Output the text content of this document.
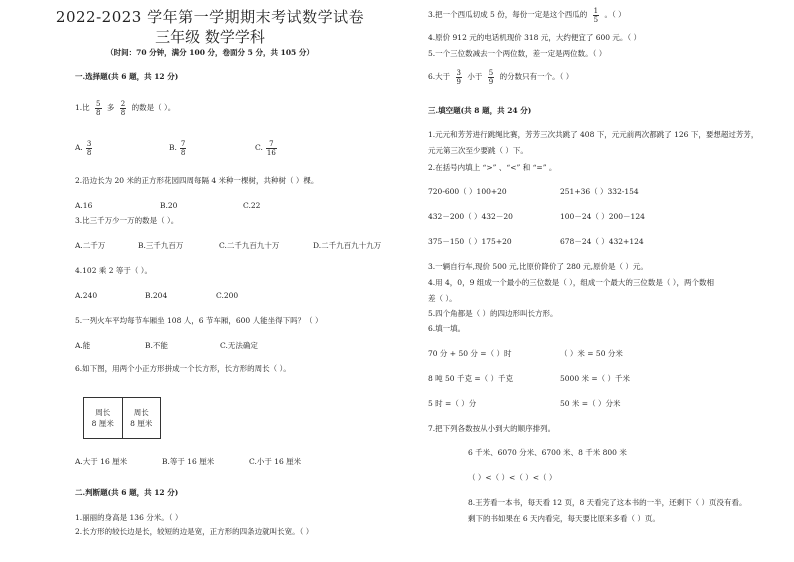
2022-2023 学年第一学期期末考试数学试卷
三年级 数学学科
（时间：70 分钟，满分 100 分，卷面分 5 分，共 105 分）
一.选择题(共 6 题，共 12 分)
1.比 $\frac{5}{8}$ 多 $\frac{2}{8}$ 的数是（ ）。
A. $\frac{3}{8}$	B. $\frac{7}{8}$	C. $\frac{7}{16}$
2.沿边长为 20 米的正方形花园四周每隔 4 米种一棵树，共种树（ ）棵。
A.16	B.20	C.22
3.比三千万少一万的数是（ ）。
A.二千万	B.三千九百万	C.二千九百九十万	D.二千九百九十九万
4.102 乘 2 等于（ ）。
A.240	B.204	C.200
5.一列火车平均每节车厢坐 108 人，6 节车厢，600 人能坐得下吗？（ ）
A.能	B.不能	C.无法确定
6.如下图，用两个小正方形拼成一个长方形，长方形的周长（ ）。
周长
8 厘米
周长
8 厘米
A.大于 16 厘米	B.等于 16 厘米	C.小于 16 厘米
二.判断题(共 6 题，共 12 分)
1.丽丽的身高是 136 分米。（ ）
2.长方形的较长边是长，较短的边是宽，正方形的四条边就叫长宽。（ ）
3.把一个西瓜切成 5 份，每份一定是这个西瓜的 $\frac{1}{5}$ 。（ ）
4.原价 912 元的电话机现价 318 元，大约便宜了 600 元。（ ）
5.一个三位数减去一个两位数，差一定是两位数。（ ）
6.大于 $\frac{3}{9}$ 小于 $\frac{5}{9}$ 的分数只有一个。（ ）
三.填空题(共 8 题，共 24 分)
1.元元和芳芳进行跳绳比赛，芳芳三次共跳了 408 下，元元前两次都跳了 126 下，要想超过芳芳，
元元第三次至少要跳（ ）下。
2.在括号内填上 “>” 、“<” 和 “=” 。
720-600（ ）100+20	251+36（ ）332-154
432－200（ ）432－20	100－24（ ）200－124
375－150（ ）175+20	678－24（ ）432+124
3.一辆自行车,现价 500 元,比原价降价了 280 元,原价是（ ）元。
4.用 4，0，9 组成一个最小的三位数是（ ），组成一个最大的三位数是（ ），两个数相
差（ ）。
5.四个角都是（ ）的四边形叫长方形。
6.填一填。
70 分 + 50 分 =（ ）时	（ ）米 = 50 分米
8 吨 50 千克 =（ ）千克	5000 米 =（ ）千米
5 时 =（ ）分	50 米 =（ ）分米
7.把下列各数按从小到大的顺序排列。
6 千米、6070 分米、6700 米、8 千米 800 米
（ ）<（ ）<（ ）<（ ）
8.王芳看一本书，每天看 12 页，8 天看完了这本书的一半，还剩下（ ）页没有看。
剩下的书如果在 6 天内看完，每天要比原来多看（ ）页。
